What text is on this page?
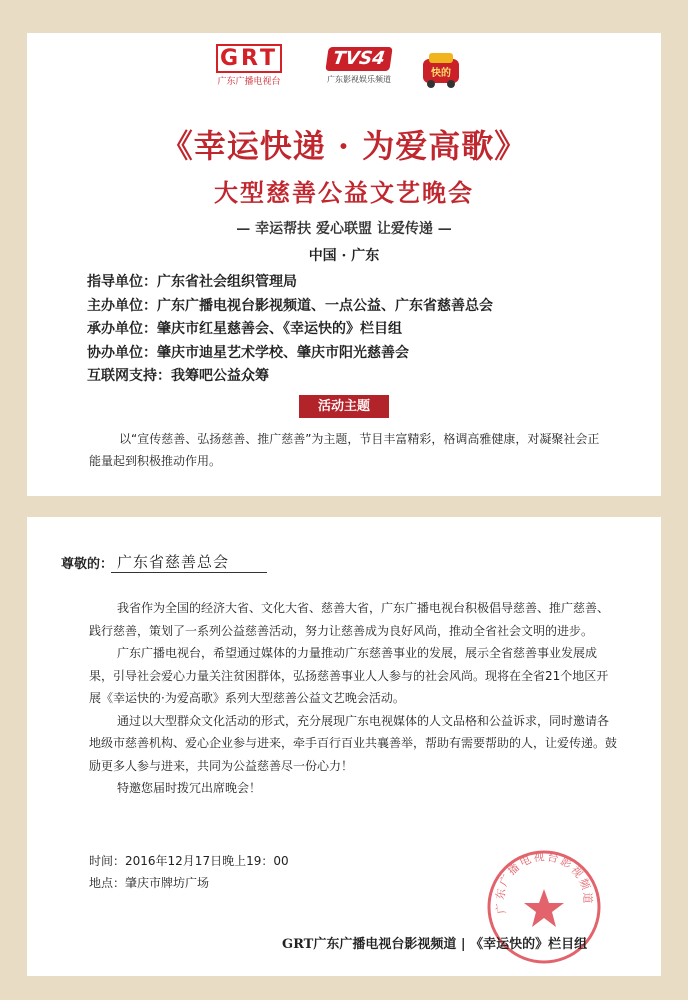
GRT
广东广播电视台
TVS4
广东影视娱乐频道
快的
《幸运快递 · 为爱高歌》
大型慈善公益文艺晚会
— 幸运帮扶 爱心联盟 让爱传递 —
中国 · 广东
指导单位：广东省社会组织管理局
主办单位：广东广播电视台影视频道、一点公益、广东省慈善总会
承办单位：肇庆市红星慈善会、《幸运快的》栏目组
协办单位：肇庆市迪星艺术学校、肇庆市阳光慈善会
互联网支持：我筹吧公益众筹
活动主题
以“宣传慈善、弘扬慈善、推广慈善”为主题，节目丰富精彩，格调高雅健康，对凝聚社会正能量起到积极推动作用。
尊敬的： 广东省慈善总会

我省作为全国的经济大省、文化大省、慈善大省，广东广播电视台积极倡导慈善、推广慈善、践行慈善，策划了一系列公益慈善活动，努力让慈善成为良好风尚，推动全省社会文明的进步。

广东广播电视台，希望通过媒体的力量推动广东慈善事业的发展，展示全省慈善事业发展成果，引导社会爱心力量关注贫困群体，弘扬慈善事业人人参与的社会风尚。现将在全省21个地区开展《幸运快的·为爱高歌》系列大型慈善公益文艺晚会活动。

通过以大型群众文化活动的形式，充分展现广东电视媒体的人文品格和公益诉求，同时邀请各地级市慈善机构、爱心企业参与进来，牵手百行百业共襄善举，帮助有需要帮助的人，让爱传递。鼓励更多人参与进来，共同为公益慈善尽一份心力！

特邀您届时拨冗出席晚会！

时间：2016年12月17日晚上19：00
地点：肇庆市牌坊广场
广东广播电视台影视频道
GRT广东广播电视台影视频道 | 《幸运快的》栏目组
